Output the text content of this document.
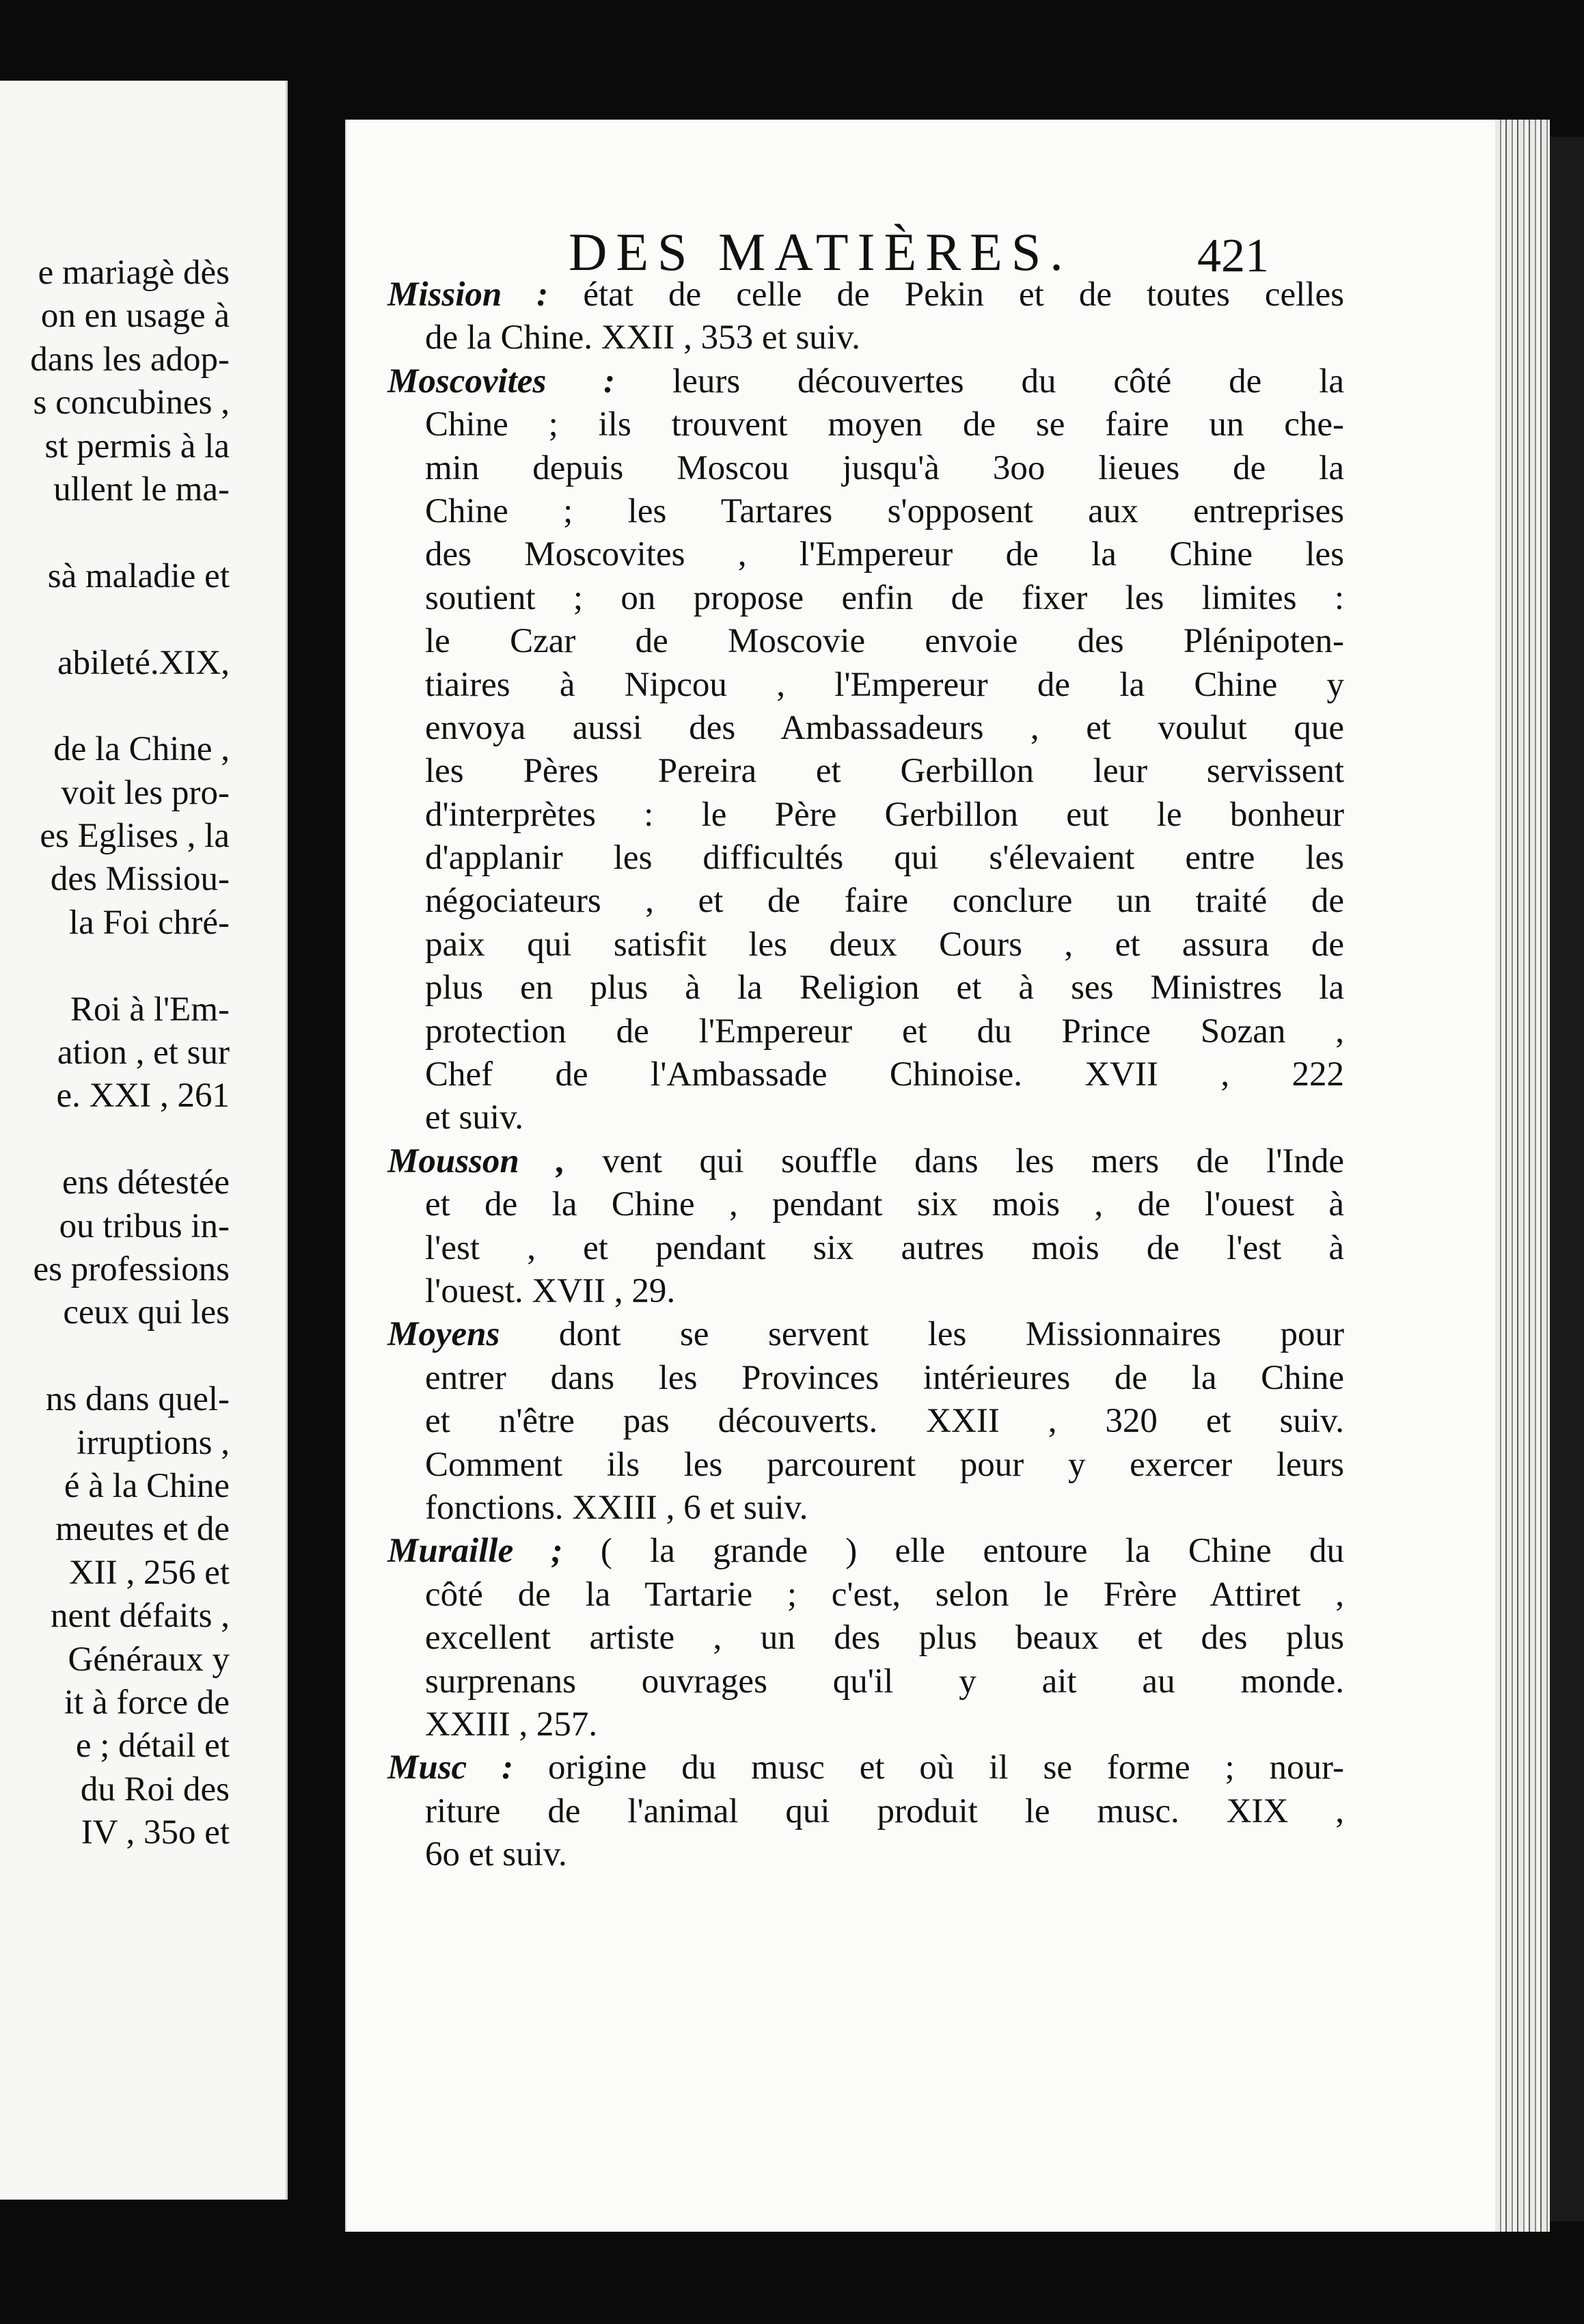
e mariagè dès
on en usage à
dans les adop-
s concubines ,
st permis à la
ullent le ma-
sà maladie et
abileté.XIX,
de la Chine ,
voit les pro-
es Eglises , la
des Missiou-
la Foi chré-
Roi à l'Em-
ation , et sur
e. XXI , 261
ens détestée
ou tribus in-
es professions
ceux qui les
ns dans quel-
irruptions ,
é à la Chine
meutes et de
XII , 256 et
nent défaits ,
Généraux y
it à force de
e ; détail et
du Roi des
IV , 35o et
DES MATIÈRES.	421
Mission : état de celle de Pekin et de toutes celles
de la Chine. XXII , 353 et suiv.
Moscovites : leurs découvertes du côté de la
Chine ; ils trouvent moyen de se faire un che-
min depuis Moscou jusqu'à 3oo lieues de la
Chine ; les Tartares s'opposent aux entreprises
des Moscovites , l'Empereur de la Chine les
soutient ; on propose enfin de fixer les limites :
le Czar de Moscovie envoie des Plénipoten-
tiaires à Nipcou , l'Empereur de la Chine y
envoya aussi des Ambassadeurs , et voulut que
les Pères Pereira et Gerbillon leur servissent
d'interprètes : le Père Gerbillon eut le bonheur
d'applanir les difficultés qui s'élevaient entre les
négociateurs , et de faire conclure un traité de
paix qui satisfit les deux Cours , et assura de
plus en plus à la Religion et à ses Ministres la
protection de l'Empereur et du Prince Sozan ,
Chef de l'Ambassade Chinoise. XVII , 222
et suiv.
Mousson , vent qui souffle dans les mers de l'Inde
et de la Chine , pendant six mois , de l'ouest à
l'est , et pendant six autres mois de l'est à
l'ouest. XVII , 29.
Moyens dont se servent les Missionnaires pour
entrer dans les Provinces intérieures de la Chine
et n'être pas découverts. XXII , 320 et suiv.
Comment ils les parcourent pour y exercer leurs
fonctions. XXIII , 6 et suiv.
Muraille ; ( la grande ) elle entoure la Chine du
côté de la Tartarie ; c'est, selon le Frère Attiret ,
excellent artiste , un des plus beaux et des plus
surprenans ouvrages qu'il y ait au monde.
XXIII , 257.
Musc : origine du musc et où il se forme ; nour-
riture de l'animal qui produit le musc. XIX ,
6o et suiv.
